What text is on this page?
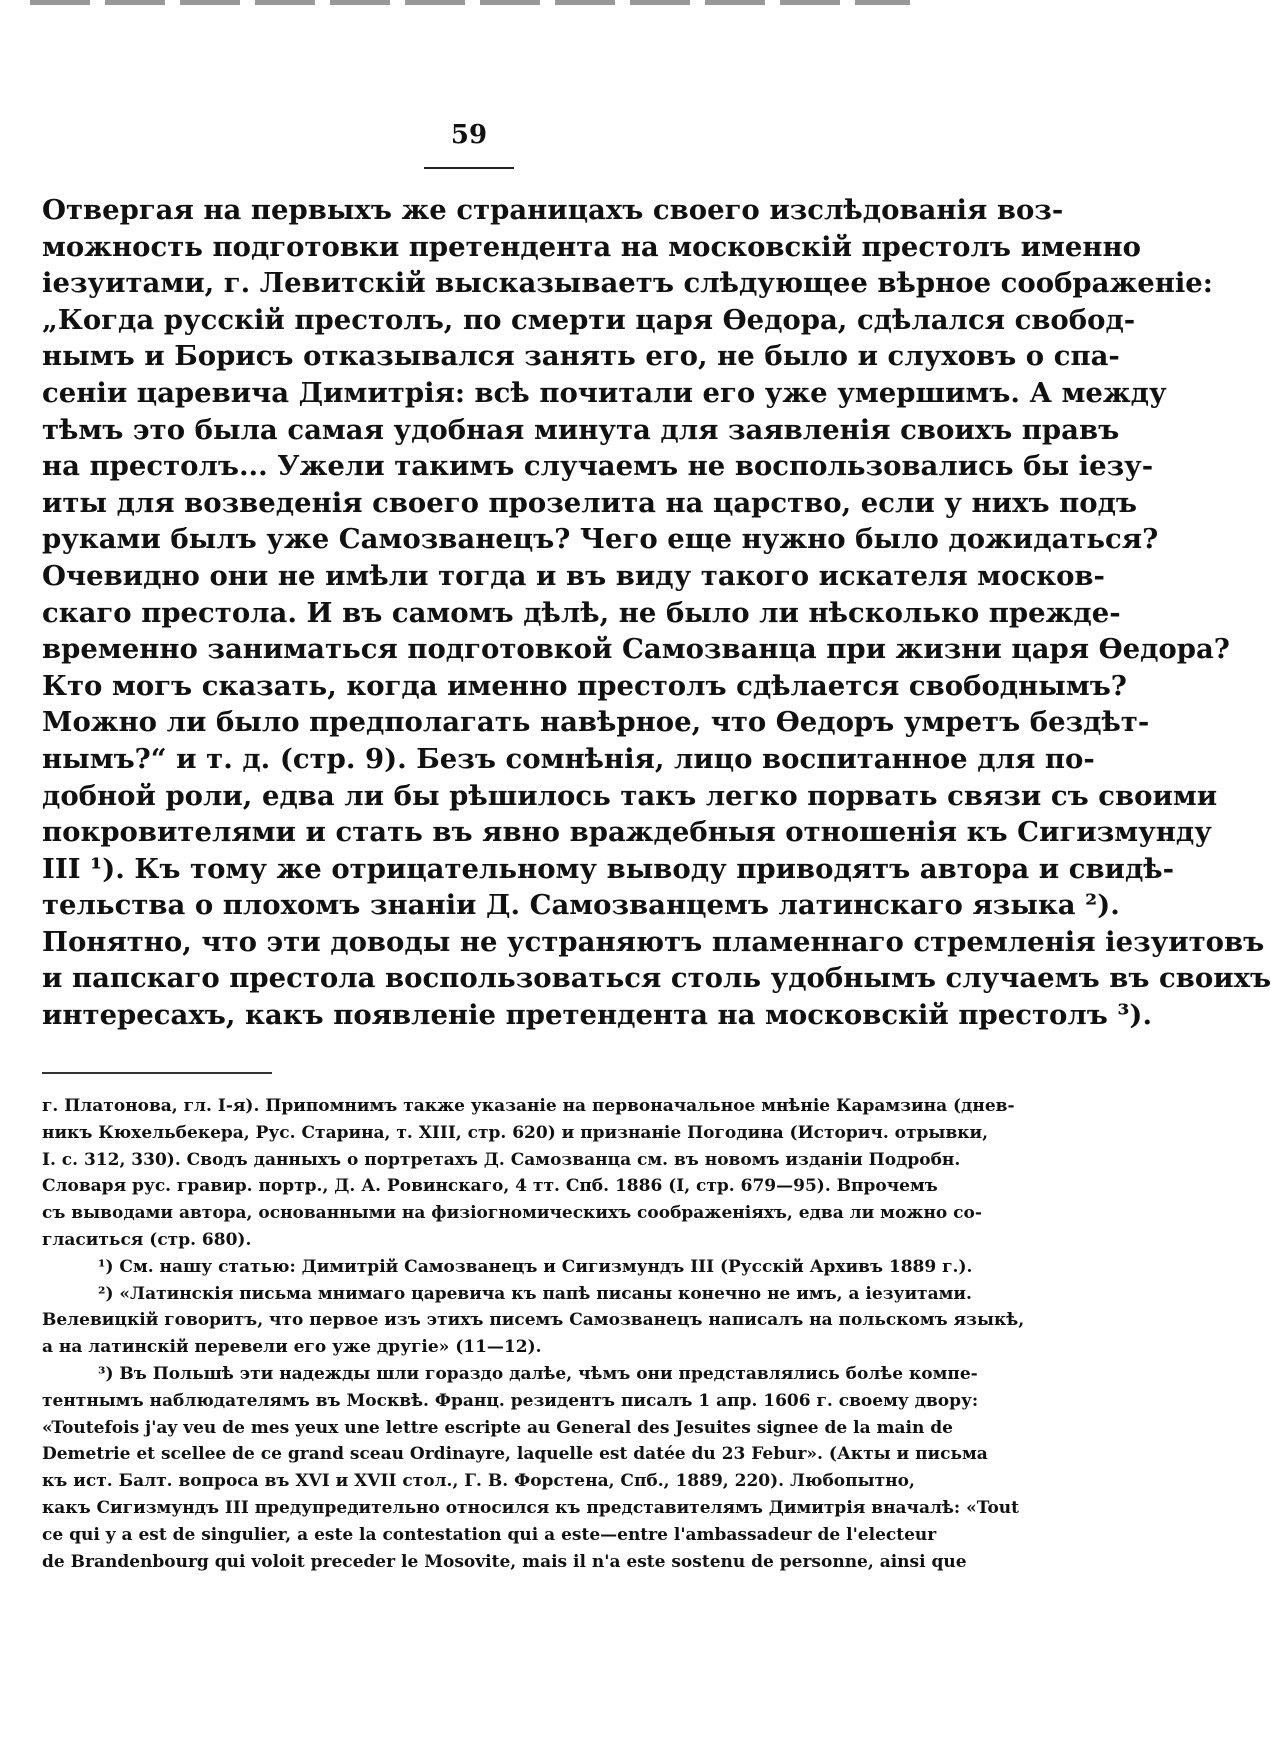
59
Отвергая на первыхъ же страницахъ своего изслѣдованія воз-
можность подготовки претендента на московскій престолъ именно
іезуитами, г. Левитскій высказываетъ слѣдующее вѣрное соображеніе:
„Когда русскій престолъ, по смерти царя Ѳедора, сдѣлался свобод-
нымъ и Борисъ отказывался занять его, не было и слуховъ о спа-
сеніи царевича Димитрія: всѣ почитали его уже умершимъ. А между
тѣмъ это была самая удобная минута для заявленія своихъ правъ
на престолъ... Ужели такимъ случаемъ не воспользовались бы іезу-
иты для возведенія своего прозелита на царство, если у нихъ подъ
руками былъ уже Самозванецъ? Чего еще нужно было дожидаться?
Очевидно они не имѣли тогда и въ виду такого искателя москов-
скаго престола. И въ самомъ дѣлѣ, не было ли нѣсколько прежде-
временно заниматься подготовкой Самозванца при жизни царя Ѳедора?
Кто могъ сказать, когда именно престолъ сдѣлается свободнымъ?
Можно ли было предполагать навѣрное, что Ѳедоръ умретъ бездѣт-
нымъ?“ и т. д. (стр. 9). Безъ сомнѣнія, лицо воспитанное для по-
добной роли, едва ли бы рѣшилось такъ легко порвать связи съ своими
покровителями и стать въ явно враждебныя отношенія къ Сигизмунду
III ¹). Къ тому же отрицательному выводу приводятъ автора и свидѣ-
тельства о плохомъ знаніи Д. Самозванцемъ латинскаго языка ²).
Понятно, что эти доводы не устраняютъ пламеннаго стремленія іезуитовъ
и папскаго престола воспользоваться столь удобнымъ случаемъ въ своихъ
интересахъ, какъ появленіе претендента на московскій престолъ ³).
г. Платонова, гл. I-я). Припомнимъ также указаніе на первоначальное мнѣніе Карамзина (днев-
никъ Кюхельбекера, Рус. Старина, т. XIII, стр. 620) и признаніе Погодина (Историч. отрывки,
I. с. 312, 330). Сводъ данныхъ о портретахъ Д. Самозванца см. въ новомъ изданіи Подробн.
Словаря рус. гравир. портр., Д. А. Ровинскаго, 4 тт. Спб. 1886 (I, стр. 679—95). Впрочемъ
съ выводами автора, основанными на физіогномическихъ соображеніяхъ, едва ли можно со-
гласиться (стр. 680).
¹) См. нашу статью: Димитрій Самозванецъ и Сигизмундъ III (Русскій Архивъ 1889 г.).
²) «Латинскія письма мнимаго царевича къ папѣ писаны конечно не имъ, а іезуитами.
Велевицкій говоритъ, что первое изъ этихъ писемъ Самозванецъ написалъ на польскомъ языкѣ,
а на латинскій перевели его уже другіе» (11—12).
³) Въ Польшѣ эти надежды шли гораздо далѣе, чѣмъ они представлялись болѣе компе-
тентнымъ наблюдателямъ въ Москвѣ. Франц. резидентъ писалъ 1 апр. 1606 г. своему двору:
«Toutefois j'ay veu de mes yeux une lettre escripte au General des Jesuites signee de la main de
Demetrie et scellee de ce grand sceau Ordinayre, laquelle est datée du 23 Febur». (Акты и письма
къ ист. Балт. вопроса въ XVI и XVII стол., Г. В. Форстена, Спб., 1889, 220). Любопытно,
какъ Сигизмундъ III предупредительно относился къ представителямъ Димитрія вначалѣ: «Tout
ce qui y a est de singulier, a este la contestation qui a este—entre l'ambassadeur de l'electeur
de Brandenbourg qui voloit preceder le Mosovite, mais il n'a este sostenu de personne, ainsi que
